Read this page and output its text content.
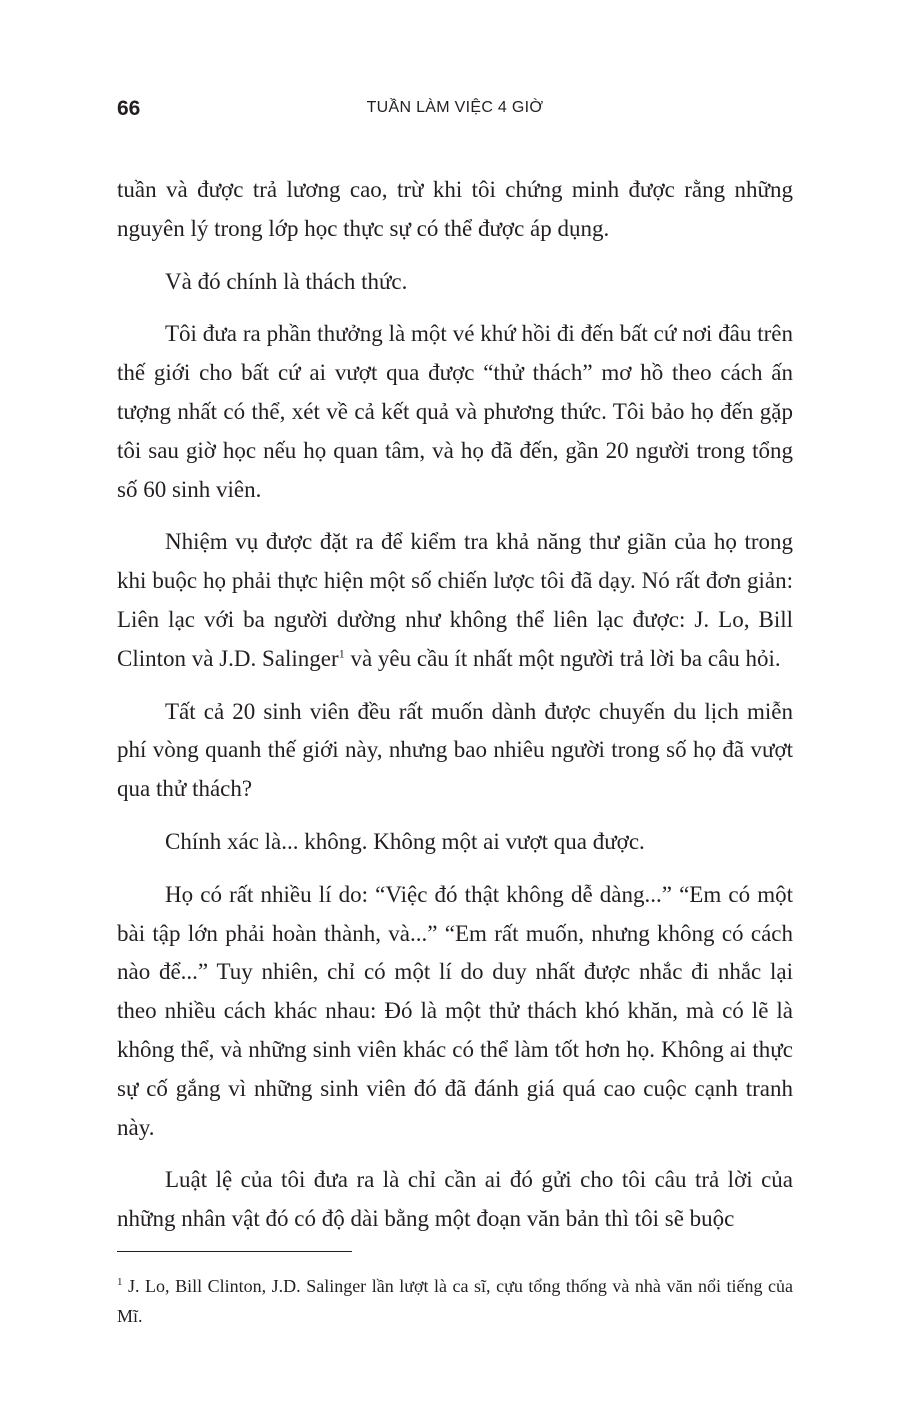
66	TUẦN LÀM VIỆC 4 GIỜ

tuần và được trả lương cao, trừ khi tôi chứng minh được rằng những nguyên lý trong lớp học thực sự có thể được áp dụng.

Và đó chính là thách thức.

Tôi đưa ra phần thưởng là một vé khứ hồi đi đến bất cứ nơi đâu trên thế giới cho bất cứ ai vượt qua được “thử thách” mơ hồ theo cách ấn tượng nhất có thể, xét về cả kết quả và phương thức. Tôi bảo họ đến gặp tôi sau giờ học nếu họ quan tâm, và họ đã đến, gần 20 người trong tổng số 60 sinh viên.

Nhiệm vụ được đặt ra để kiểm tra khả năng thư giãn của họ trong khi buộc họ phải thực hiện một số chiến lược tôi đã dạy. Nó rất đơn giản: Liên lạc với ba người dường như không thể liên lạc được: J. Lo, Bill Clinton và J.D. Salinger$^1$ và yêu cầu ít nhất một người trả lời ba câu hỏi.

Tất cả 20 sinh viên đều rất muốn dành được chuyến du lịch miễn phí vòng quanh thế giới này, nhưng bao nhiêu người trong số họ đã vượt qua thử thách?

Chính xác là... không. Không một ai vượt qua được.

Họ có rất nhiều lí do: “Việc đó thật không dễ dàng...” “Em có một bài tập lớn phải hoàn thành, và...” “Em rất muốn, nhưng không có cách nào để...” Tuy nhiên, chỉ có một lí do duy nhất được nhắc đi nhắc lại theo nhiều cách khác nhau: Đó là một thử thách khó khăn, mà có lẽ là không thể, và những sinh viên khác có thể làm tốt hơn họ. Không ai thực sự cố gắng vì những sinh viên đó đã đánh giá quá cao cuộc cạnh tranh này.

Luật lệ của tôi đưa ra là chỉ cần ai đó gửi cho tôi câu trả lời của những nhân vật đó có độ dài bằng một đoạn văn bản thì tôi sẽ buộc

$^1$ J. Lo, Bill Clinton, J.D. Salinger lần lượt là ca sĩ, cựu tổng thống và nhà văn nổi tiếng của Mĩ.
